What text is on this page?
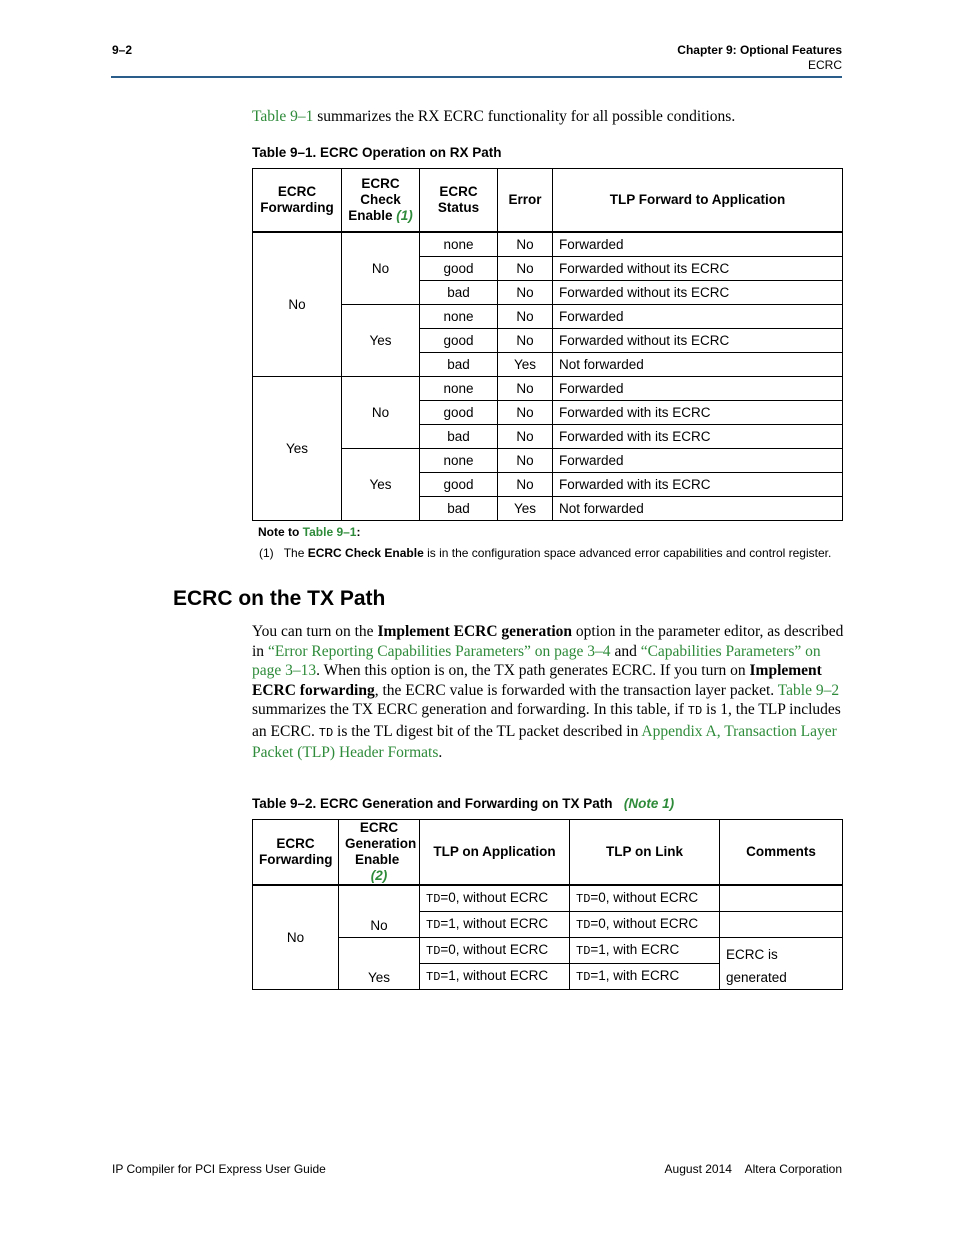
9–2	Chapter 9: Optional Features
ECRC
Table 9–1 summarizes the RX ECRC functionality for all possible conditions.
Table 9–1. ECRC Operation on RX Path
ECRC
Forwarding	ECRC
Check
Enable (1)	ECRC
Status	Error	TLP Forward to Application
No	No	none	No	Forwarded
		good	No	Forwarded without its ECRC
		bad	No	Forwarded without its ECRC
	Yes	none	No	Forwarded
		good	No	Forwarded without its ECRC
		bad	Yes	Not forwarded
Yes	No	none	No	Forwarded
		good	No	Forwarded with its ECRC
		bad	No	Forwarded with its ECRC
	Yes	none	No	Forwarded
		good	No	Forwarded with its ECRC
		bad	Yes	Not forwarded
Note to Table 9–1:
(1) The ECRC Check Enable is in the configuration space advanced error capabilities and control register.
ECRC on the TX Path
You can turn on the Implement ECRC generation option in the parameter editor, as described in “Error Reporting Capabilities Parameters” on page 3–4 and “Capabilities Parameters” on page 3–13. When this option is on, the TX path generates ECRC. If you turn on Implement ECRC forwarding, the ECRC value is forwarded with the transaction layer packet. Table 9–2 summarizes the TX ECRC generation and forwarding. In this table, if TD is 1, the TLP includes an ECRC. TD is the TL digest bit of the TL packet described in Appendix A, Transaction Layer Packet (TLP) Header Formats.
Table 9–2. ECRC Generation and Forwarding on TX Path (Note 1)
ECRC
Forwarding	ECRC
Generation
Enable  (2)	TLP on Application	TLP on Link	Comments
No	No	TD=0, without ECRC	TD=0, without ECRC	
		TD=1, without ECRC	TD=0, without ECRC	
	Yes	TD=0, without ECRC	TD=1, with ECRC	ECRC is generated
		TD=1, without ECRC	TD=1, with ECRC	
IP Compiler for PCI Express User Guide	August 2014    Altera Corporation
